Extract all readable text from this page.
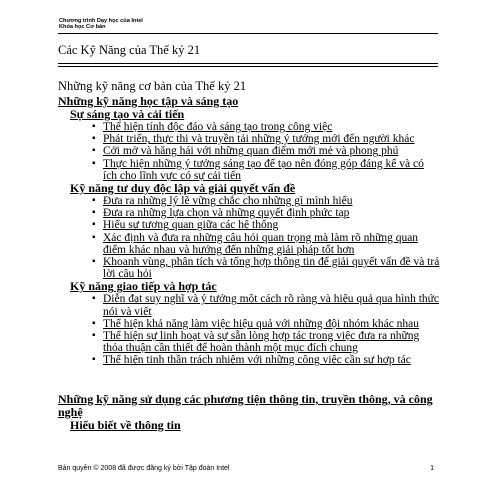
Chương trình Dạy học của Intel
Khóa học Cơ bản
Các Kỹ Năng của Thế kỷ 21
Những kỹ năng cơ bản của Thế kỷ 21
Những kỹ năng học tập và sáng tạo
Sự sáng tạo và cải tiến
▪ Thể hiện tính độc đáo và sáng tạo trong công việc
▪ Phát triển, thực thi và truyền tải những ý tưởng mới đến người khác
▪ Cởi mở và hăng hái với những quan điểm mới mẻ và phong phú
▪ Thực hiện những ý tưởng sáng tạo để tạo nên đóng góp đáng kể và có ích cho lĩnh vực có sự cải tiến
Kỹ năng tư duy độc lập và giải quyết vấn đề
▪ Đưa ra những lý lẽ vững chắc cho những gì mình hiểu
▪ Đưa ra những lựa chọn và những quyết định phức tạp
▪ Hiểu sự tương quan giữa các hệ thống
▪ Xác định và đưa ra những câu hỏi quan trọng mà làm rõ những quan điểm khác nhau và hướng đến những giải pháp tốt hơn
▪ Khoanh vùng, phân tích và tổng hợp thông tin để giải quyết vấn đề và trả lời câu hỏi
Kỹ năng giao tiếp và hợp tác
▪ Diễn đạt suy nghĩ và ý tưởng một cách rõ ràng và hiệu quả qua hình thức nói và viết
▪ Thể hiện khả năng làm việc hiệu quả với những đội nhóm khác nhau
▪ Thể hiện sự linh hoạt và sự sẵn lòng hợp tác trong việc đưa ra những thỏa thuận cần thiết để hoàn thành một mục đích chung
▪ Thể hiện tinh thần trách nhiệm với những công việc cần sự hợp tác
Những kỹ năng sử dụng các phương tiện thông tin, truyền thông, và công nghệ
Hiểu biết về thông tin
Bản quyền © 2008 đã được đăng ký bởi Tập đoàn Intel	1
